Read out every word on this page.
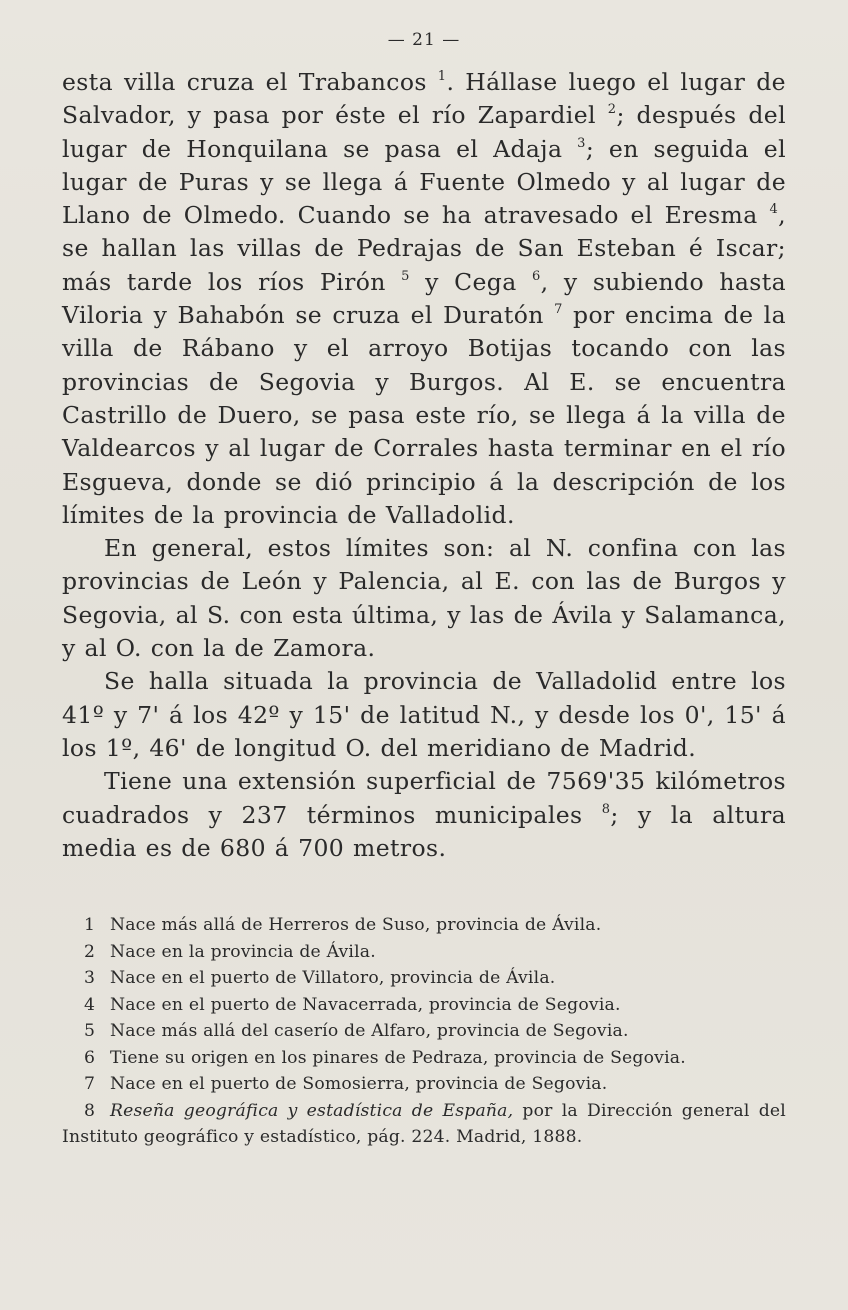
— 21 —

esta villa cruza el Trabancos $^1$. Hállase luego el lugar de Salvador, y pasa por éste el río Zapardiel $^2$; después del lugar de Honquilana se pasa el Adaja $^3$; en seguida el lugar de Puras y se llega á Fuente Olmedo y al lugar de Llano de Olmedo. Cuando se ha atravesado el Eresma $^4$, se hallan las villas de Pedrajas de San Esteban é Iscar; más tarde los ríos Pirón $^5$ y Cega $^6$, y subiendo hasta Viloria y Bahabón se cruza el Duratón $^7$ por encima de la villa de Rábano y el arroyo Botijas tocando con las provincias de Segovia y Burgos. Al E. se encuentra Castrillo de Duero, se pasa este río, se llega á la villa de Valdearcos y al lugar de Corrales hasta terminar en el río Esgueva, donde se dió principio á la descripción de los límites de la provincia de Valladolid.

En general, estos límites son: al N. confina con las provincias de León y Palencia, al E. con las de Burgos y Segovia, al S. con esta última, y las de Ávila y Salamanca, y al O. con la de Zamora.

Se halla situada la provincia de Valladolid entre los 41º y 7' á los 42º y 15' de latitud N., y desde los 0', 15' á los 1º, 46' de longitud O. del meridiano de Madrid.

Tiene una extensión superficial de 7569'35 kilómetros cuadrados y 237 términos municipales $^8$; y la altura media es de 680 á 700 metros.

1 Nace más allá de Herreros de Suso, provincia de Ávila.
2 Nace en la provincia de Ávila.
3 Nace en el puerto de Villatoro, provincia de Ávila.
4 Nace en el puerto de Navacerrada, provincia de Segovia.
5 Nace más allá del caserío de Alfaro, provincia de Segovia.
6 Tiene su origen en los pinares de Pedraza, provincia de Segovia.
7 Nace en el puerto de Somosierra, provincia de Segovia.
8 Reseña geográfica y estadística de España, por la Dirección general del Instituto geográfico y estadístico, pág. 224. Madrid, 1888.
